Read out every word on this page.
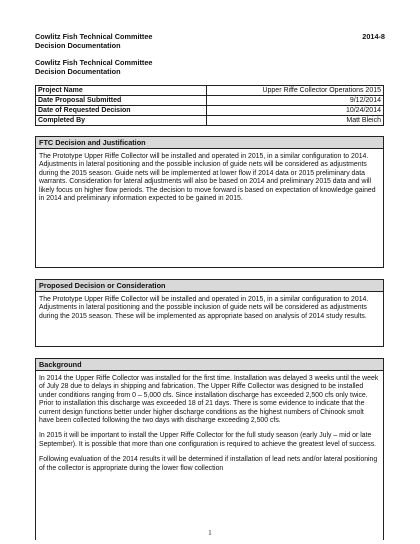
Cowlitz Fish Technical Committee	2014-8
Decision Documentation
Cowlitz Fish Technical Committee
Decision Documentation
Project Name	Upper Riffe Collector Operations 2015
Date Proposal Submitted	9/12/2014
Date of Requested Decision	10/24/2014
Completed By	Matt Bleich
FTC Decision and Justification

The Prototype Upper Riffe Collector will be installed and operated in 2015, in a similar configuration to 2014. Adjustments in lateral positioning and the possible inclusion of guide nets will be considered as adjustments during the 2015 season. Guide nets will be implemented at lower flow if 2014 data or 2015 preliminary data warrants. Consideration for lateral adjustments will also be based on 2014 and preliminary 2015 data and will likely focus on higher flow periods. The decision to move forward is based on expectation of knowledge gained in 2014 and preliminary information expected to be gained in 2015.

Proposed Decision or Consideration

The Prototype Upper Riffe Collector will be installed and operated in 2015, in a similar configuration to 2014. Adjustments in lateral positioning and the possible inclusion of guide nets will be considered as adjustments during the 2015 season. These will be implemented as appropriate based on analysis of 2014 study results.

Background

In 2014 the Upper Riffe Collector was installed for the first time. Installation was delayed 3 weeks until the week of July 28 due to delays in shipping and fabrication. The Upper Riffe Collector was designed to be installed under conditions ranging from 0 – 5,000 cfs. Since installation discharge has exceeded 2,500 cfs only twice. Prior to installation this discharge was exceeded 18 of 21 days. There is some evidence to indicate that the current design functions better under higher discharge conditions as the highest numbers of Chinook smolt have been collected following the two days with discharge exceeding 2,500 cfs.

In 2015 it will be important to install the Upper Riffe Collector for the full study season (early July – mid or late September). It is possible that more than one configuration is required to achieve the greatest level of success.

Following evaluation of the 2014 results it will be determined if installation of lead nets and/or lateral positioning of the collector is appropriate during the lower flow collection

1
